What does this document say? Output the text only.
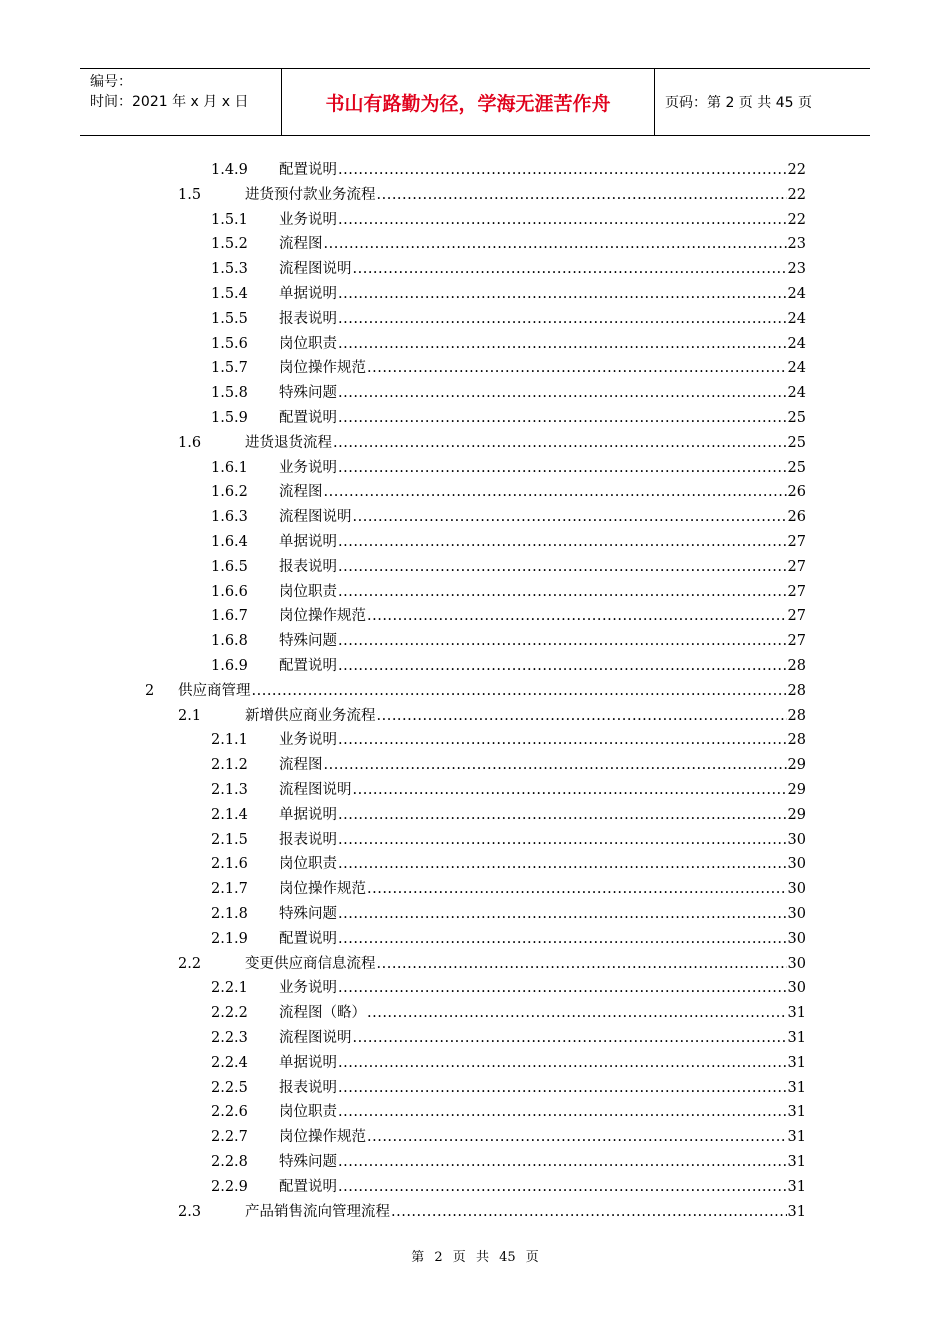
编号：
时间：2021 年 x 月 x 日	书山有路勤为径，学海无涯苦作舟	页码：第 2 页 共 45 页
1.4.9	配置说明 .....	22
1.5	进货预付款业务流程 .....	22
1.5.1	业务说明 .....	22
1.5.2	流程图 .....	23
1.5.3	流程图说明 .....	23
1.5.4	单据说明 .....	24
1.5.5	报表说明 .....	24
1.5.6	岗位职责 .....	24
1.5.7	岗位操作规范 .....	24
1.5.8	特殊问题 .....	24
1.5.9	配置说明 .....	25
1.6	进货退货流程 .....	25
1.6.1	业务说明 .....	25
1.6.2	流程图 .....	26
1.6.3	流程图说明 .....	26
1.6.4	单据说明 .....	27
1.6.5	报表说明 .....	27
1.6.6	岗位职责 .....	27
1.6.7	岗位操作规范 .....	27
1.6.8	特殊问题 .....	27
1.6.9	配置说明 .....	28
2	供应商管理 .....	28
2.1	新增供应商业务流程 .....	28
2.1.1	业务说明 .....	28
2.1.2	流程图 .....	29
2.1.3	流程图说明 .....	29
2.1.4	单据说明 .....	29
2.1.5	报表说明 .....	30
2.1.6	岗位职责 .....	30
2.1.7	岗位操作规范 .....	30
2.1.8	特殊问题 .....	30
2.1.9	配置说明 .....	30
2.2	变更供应商信息流程 .....	30
2.2.1	业务说明 .....	30
2.2.2	流程图（略） .....	31
2.2.3	流程图说明 .....	31
2.2.4	单据说明 .....	31
2.2.5	报表说明 .....	31
2.2.6	岗位职责 .....	31
2.2.7	岗位操作规范 .....	31
2.2.8	特殊问题 .....	31
2.2.9	配置说明 .....	31
2.3	产品销售流向管理流程 .....	31
第 2 页 共 45 页
